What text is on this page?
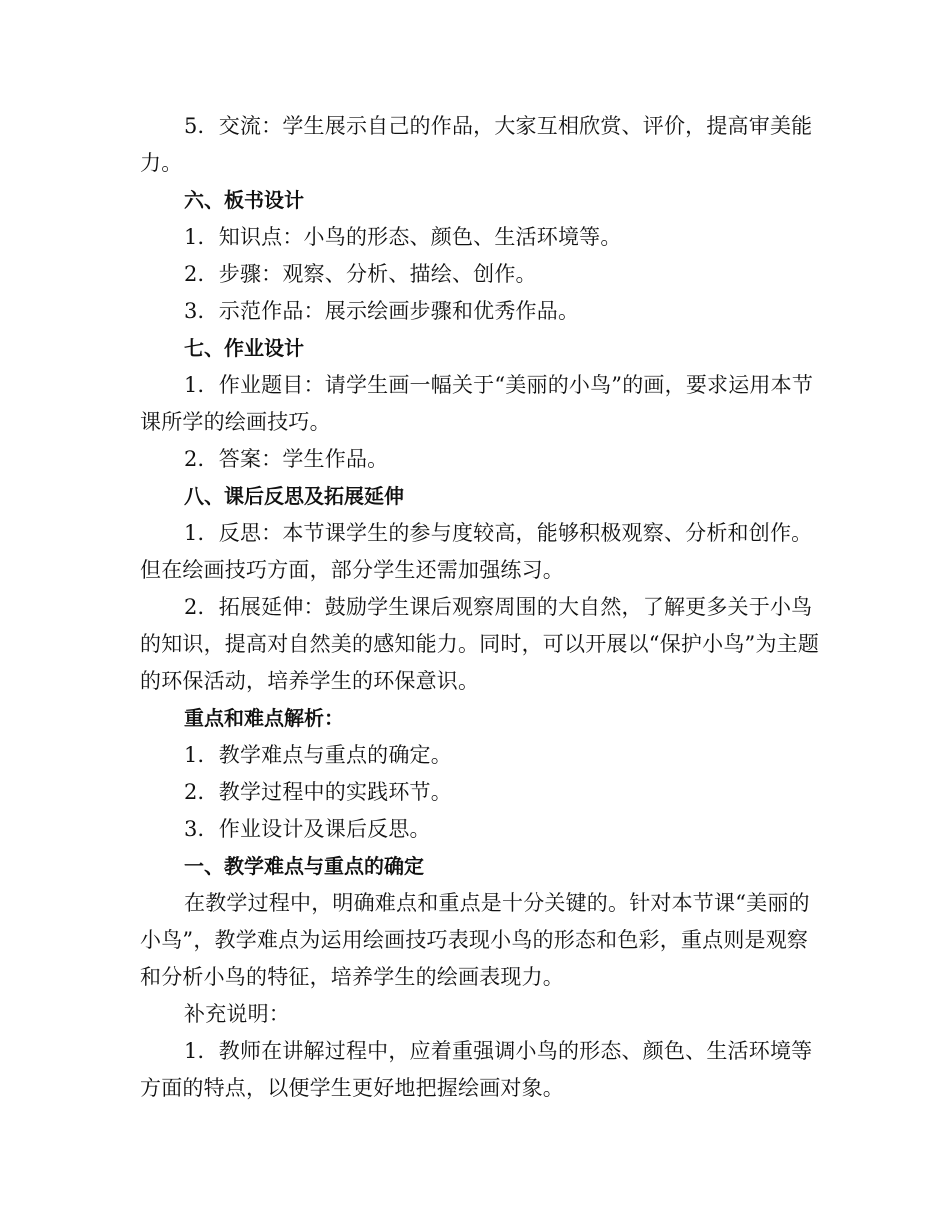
5．交流：学生展示自己的作品，大家互相欣赏、评价，提高审美能力。

六、板书设计

1．知识点：小鸟的形态、颜色、生活环境等。

2．步骤：观察、分析、描绘、创作。

3．示范作品：展示绘画步骤和优秀作品。

七、作业设计

1．作业题目：请学生画一幅关于“美丽的小鸟”的画，要求运用本节课所学的绘画技巧。

2．答案：学生作品。

八、课后反思及拓展延伸

1．反思：本节课学生的参与度较高，能够积极观察、分析和创作。但在绘画技巧方面，部分学生还需加强练习。

2．拓展延伸：鼓励学生课后观察周围的大自然，了解更多关于小鸟的知识，提高对自然美的感知能力。同时，可以开展以“保护小鸟”为主题的环保活动，培养学生的环保意识。

重点和难点解析：

1．教学难点与重点的确定。

2．教学过程中的实践环节。

3．作业设计及课后反思。

一、教学难点与重点的确定

在教学过程中，明确难点和重点是十分关键的。针对本节课“美丽的小鸟”，教学难点为运用绘画技巧表现小鸟的形态和色彩，重点则是观察和分析小鸟的特征，培养学生的绘画表现力。

补充说明：

1．教师在讲解过程中，应着重强调小鸟的形态、颜色、生活环境等方面的特点，以便学生更好地把握绘画对象。
